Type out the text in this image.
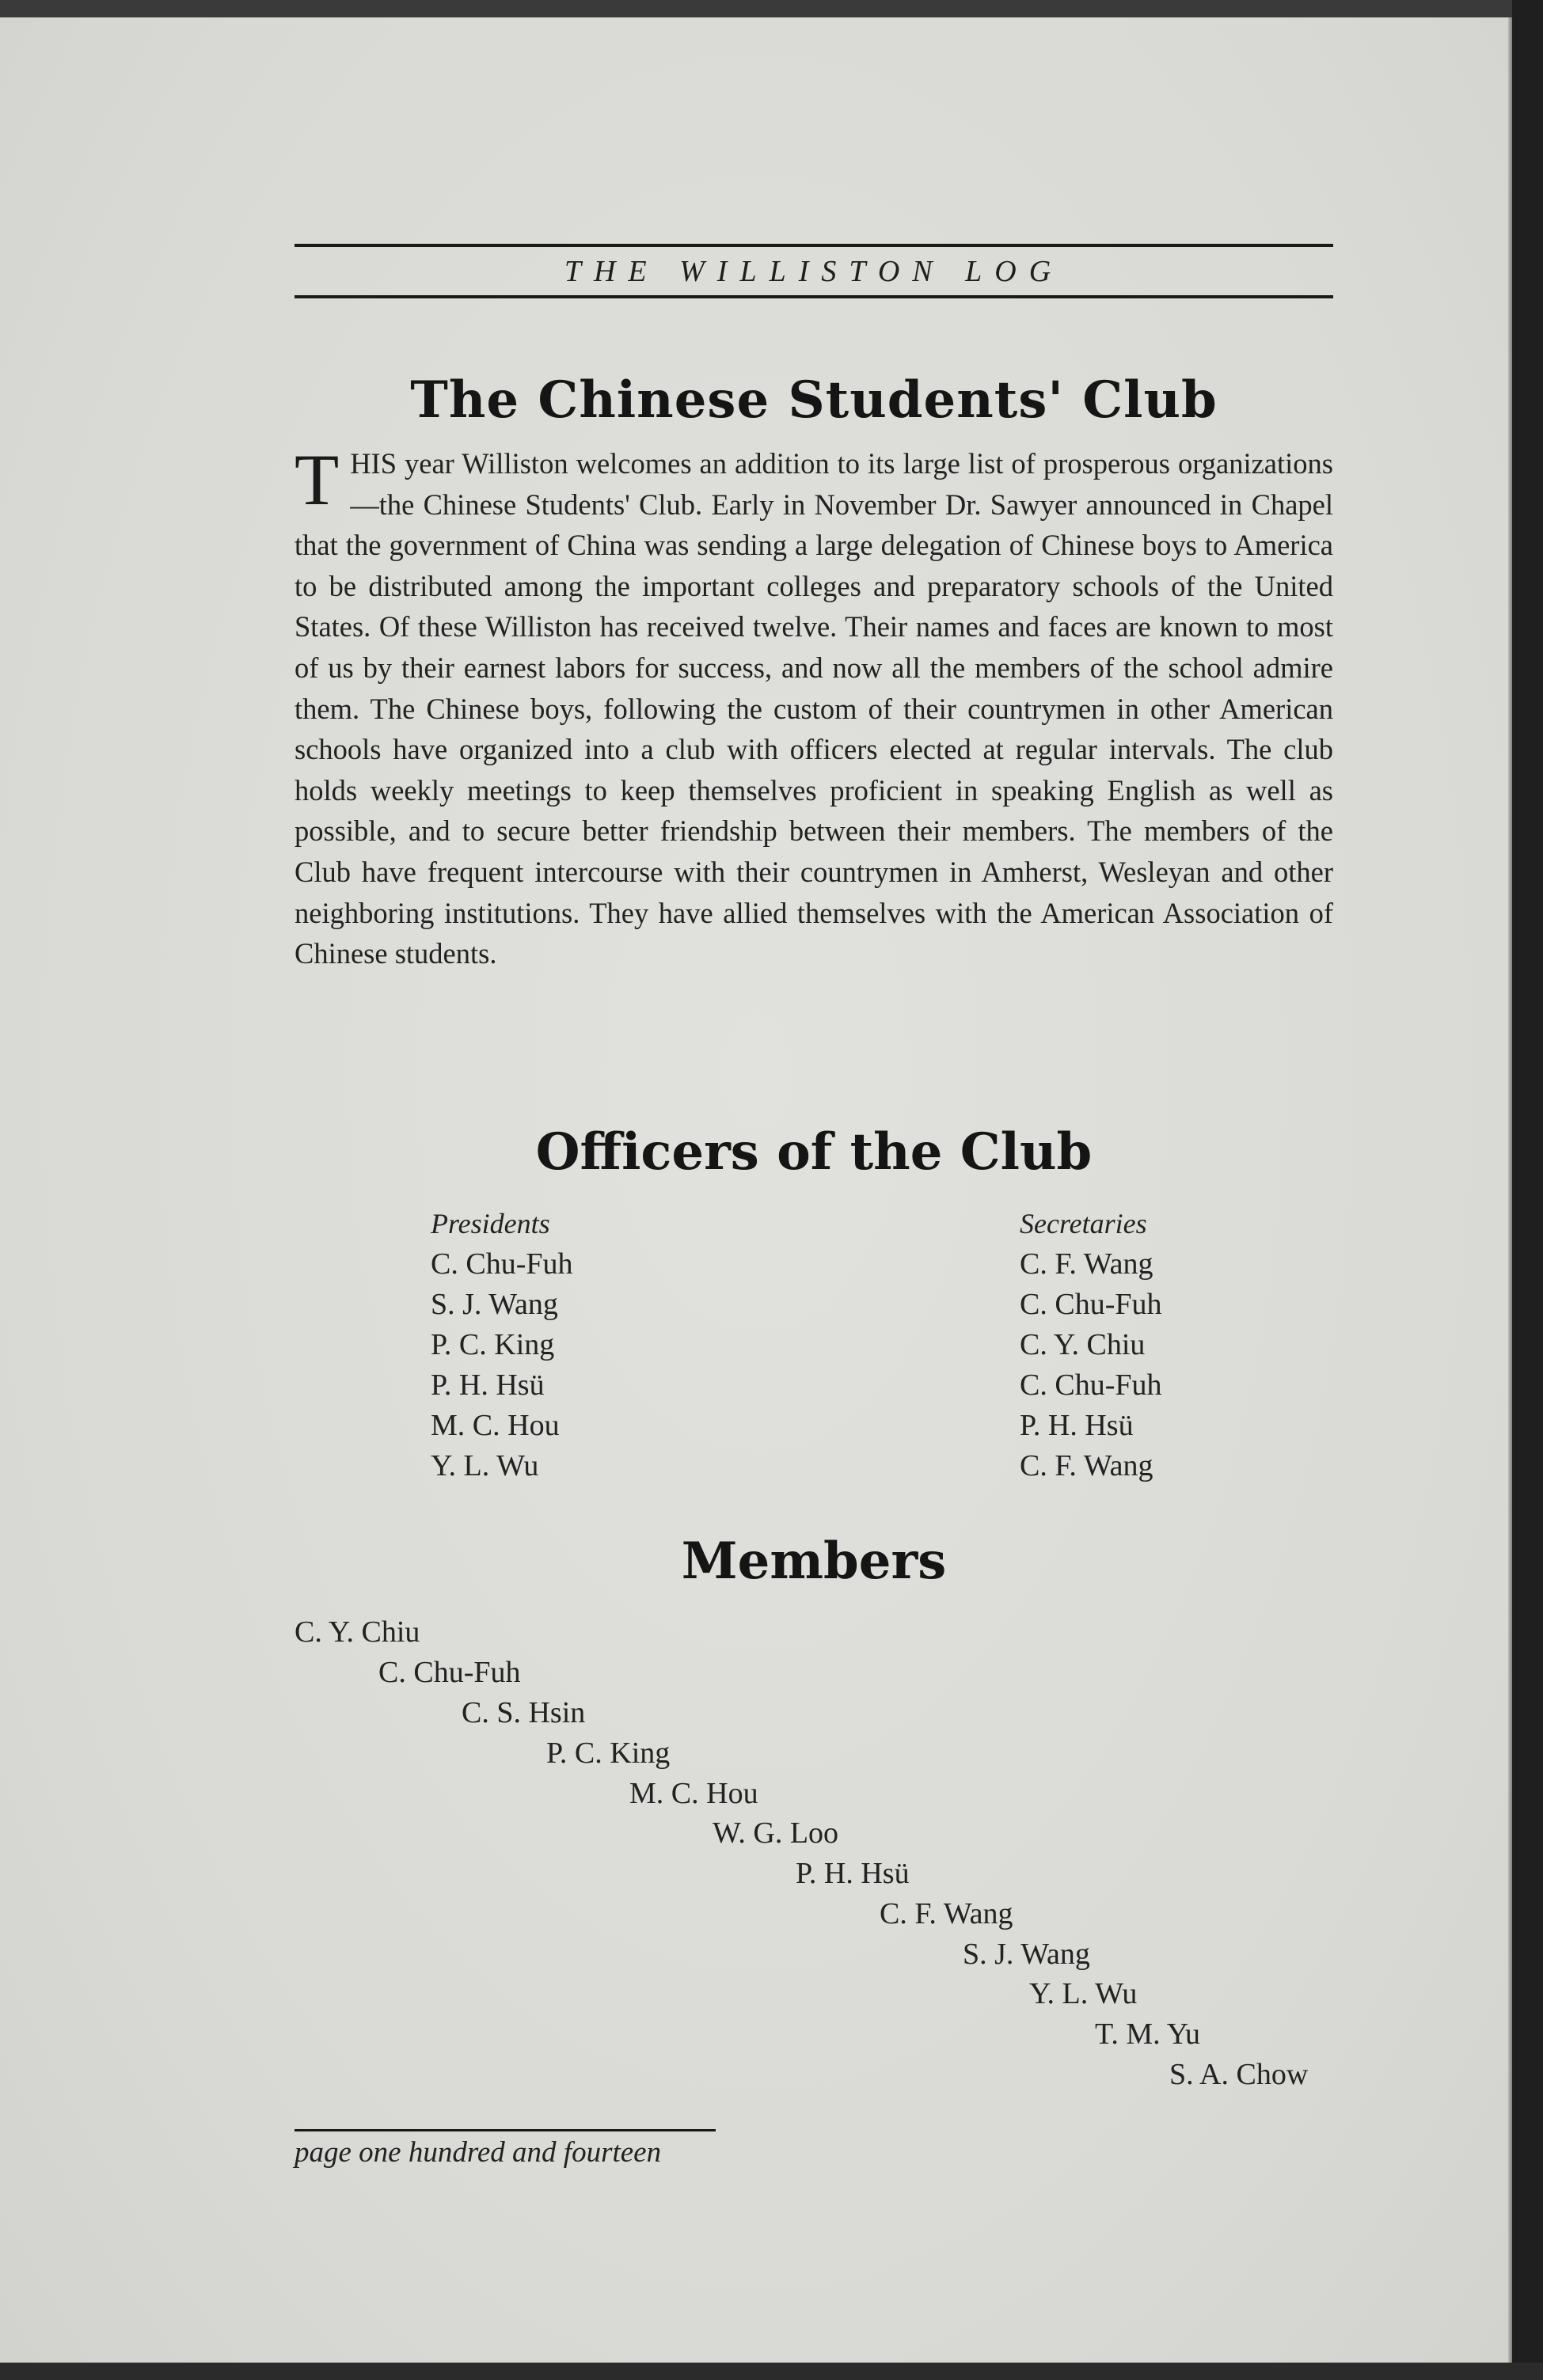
THE WILLISTON LOG
The Chinese Students' Club
THIS year Williston welcomes an addition to its large list of prosperous organizations—the Chinese Students' Club. Early in November Dr. Sawyer announced in Chapel that the government of China was sending a large delegation of Chinese boys to America to be distributed among the important colleges and preparatory schools of the United States. Of these Williston has received twelve. Their names and faces are known to most of us by their earnest labors for success, and now all the members of the school admire them. The Chinese boys, following the custom of their countrymen in other American schools have organized into a club with officers elected at regular intervals. The club holds weekly meetings to keep themselves proficient in speaking English as well as possible, and to secure better friendship between their members. The members of the Club have frequent intercourse with their countrymen in Amherst, Wesleyan and other neighboring institutions. They have allied themselves with the American Association of Chinese students.
Officers of the Club
Presidents
C. Chu-Fuh
S. J. Wang
P. C. King
P. H. Hsü
M. C. Hou
Y. L. Wu
Secretaries
C. F. Wang
C. Chu-Fuh
C. Y. Chiu
C. Chu-Fuh
P. H. Hsü
C. F. Wang
Members
C. Y. Chiu
C. Chu-Fuh
C. S. Hsin
P. C. King
M. C. Hou
W. G. Loo
P. H. Hsü
C. F. Wang
S. J. Wang
Y. L. Wu
T. M. Yu
S. A. Chow
page one hundred and fourteen
